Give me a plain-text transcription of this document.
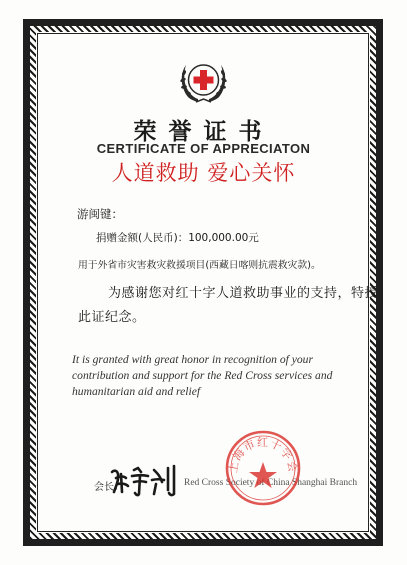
荣誉证书
CERTIFICATE OF APPRECIATON
人道救助 爱心关怀
游闽键：
捐赠金额(人民币)：100,000.00元
用于外省市灾害救灾救援项目(西藏日喀则抗震救灾款)。
为感谢您对红十字人道救助事业的支持，特授此证纪念。
It is granted with great honor in recognition of your contribution and support for the Red Cross services and humanitarian aid and relief
会长：	Red Cross Society of China Shanghai Branch
上海市红十字会
